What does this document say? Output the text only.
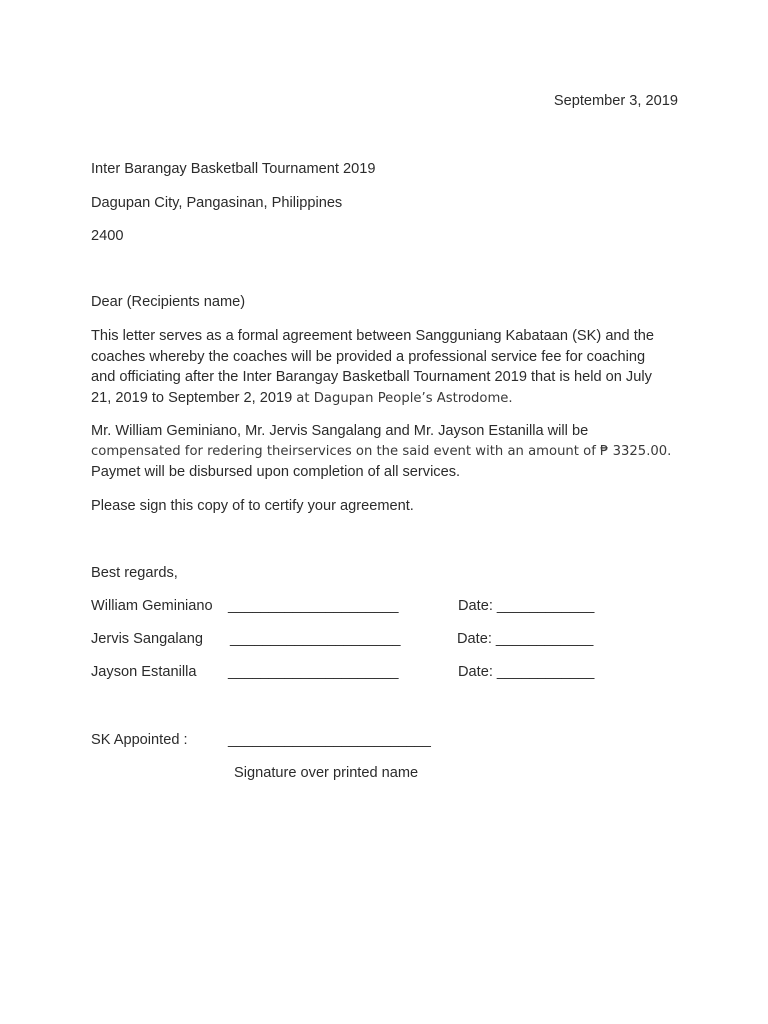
September 3, 2019
Inter Barangay Basketball Tournament 2019
Dagupan City, Pangasinan, Philippines
2400
Dear (Recipients name)
This letter serves as a formal agreement between Sangguniang Kabataan (SK) and the
coaches whereby the coaches will be provided a professional service fee for coaching
and officiating after the Inter Barangay Basketball Tournament 2019 that is held on July
21, 2019 to September 2, 2019 at Dagupan People’s Astrodome.
Mr. William Geminiano, Mr. Jervis Sangalang and Mr. Jayson Estanilla will be
compensated for redering theirservices on the said event with an amount of ₱ 3325.00.
Paymet will be disbursed upon completion of all services.
Please sign this copy of to certify your agreement.
Best regards,
William Geminiano _____________________	Date: ____________
Jervis Sangalang _____________________	Date: ____________
Jayson Estanilla _____________________	Date: ____________
SK Appointed :	_________________________
Signature over printed name
